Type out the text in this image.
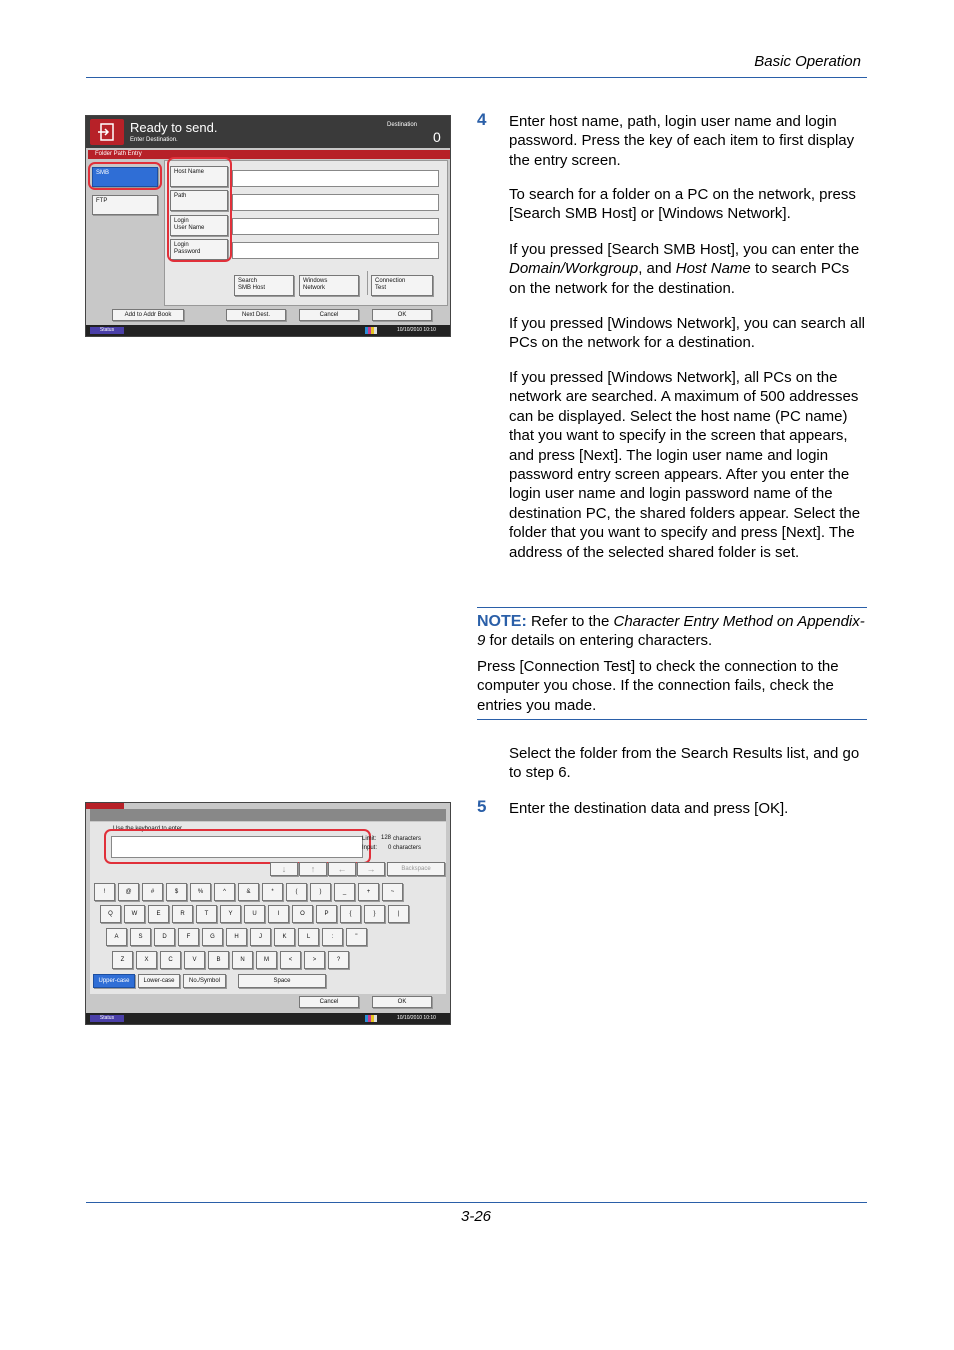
Basic Operation
3-26
Ready to send.
Enter Destination.
Destination
0
Folder Path Entry
SMB
FTP
Host Name
Path
Login
User Name
Login
Password
Search
SMB Host
Windows
Network
Connection
Test
Add to Addr Book	Next Dest.	Cancel	OK
Status	10/10/2010 10:10
Use the keyboard to enter.
Limit: 128 characters
Input: 0 characters
↓	↑	←	→	Backspace
!	@	#	$	%	^	&	*	(	)	_	+	~
Q	W	E	R	T	Y	U	I	O	P	{	}	|
A	S	D	F	G	H	J	K	L	:	"
Z	X	C	V	B	N	M	<	>	?
Upper-case	Lower-case	No./Symbol	Space
Cancel	OK
Status	10/10/2010 10:10
4 Enter host name, path, login user name and login password. Press the key of each item to first display the entry screen.
To search for a folder on a PC on the network, press [Search SMB Host] or [Windows Network].
If you pressed [Search SMB Host], you can enter the Domain/Workgroup, and Host Name to search PCs on the network for the destination.
If you pressed [Windows Network], you can search all PCs on the network for a destination.
If you pressed [Windows Network], all PCs on the network are searched. A maximum of 500 addresses can be displayed. Select the host name (PC name) that you want to specify in the screen that appears, and press [Next]. The login user name and login password entry screen appears. After you enter the login user name and login password name of the destination PC, the shared folders appear. Select the folder that you want to specify and press [Next]. The address of the selected shared folder is set.
NOTE: Refer to the Character Entry Method on Appendix-9 for details on entering characters.
Press [Connection Test] to check the connection to the computer you chose. If the connection fails, check the entries you made.
Select the folder from the Search Results list, and go to step 6.
5 Enter the destination data and press [OK].
